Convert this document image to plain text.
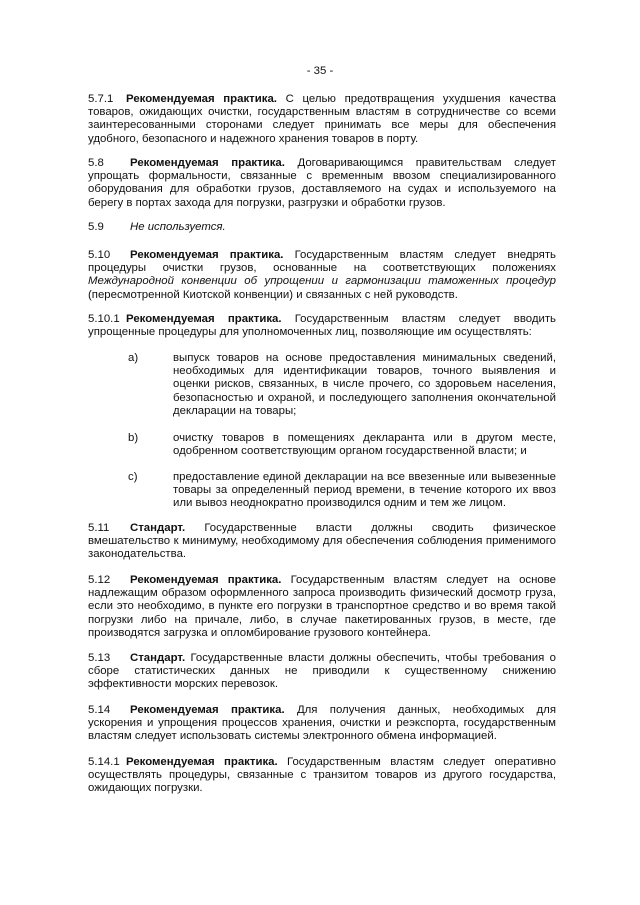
- 35 -
5.7.1 Рекомендуемая практика. С целью предотвращения ухудшения качества товаров, ожидающих очистки, государственным властям в сотрудничестве со всеми заинтересованными сторонами следует принимать все меры для обеспечения удобного, безопасного и надежного хранения товаров в порту.
5.8 Рекомендуемая практика. Договаривающимся правительствам следует упрощать формальности, связанные с временным ввозом специализированного оборудования для обработки грузов, доставляемого на судах и используемого на берегу в портах захода для погрузки, разгрузки и обработки грузов.
5.9 Не используется.
5.10 Рекомендуемая практика. Государственным властям следует внедрять процедуры очистки грузов, основанные на соответствующих положениях Международной конвенции об упрощении и гармонизации таможенных процедур (пересмотренной Киотской конвенции) и связанных с ней руководств.
5.10.1 Рекомендуемая практика. Государственным властям следует вводить упрощенные процедуры для уполномоченных лиц, позволяющие им осуществлять:
a)	выпуск товаров на основе предоставления минимальных сведений, необходимых для идентификации товаров, точного выявления и оценки рисков, связанных, в числе прочего, со здоровьем населения, безопасностью и охраной, и последующего заполнения окончательной декларации на товары;
b)	очистку товаров в помещениях декларанта или в другом месте, одобренном соответствующим органом государственной власти; и
c)	предоставление единой декларации на все ввезенные или вывезенные товары за определенный период времени, в течение которого их ввоз или вывоз неоднократно производился одним и тем же лицом.
5.11 Стандарт. Государственные власти должны сводить физическое вмешательство к минимуму, необходимому для обеспечения соблюдения применимого законодательства.
5.12 Рекомендуемая практика. Государственным властям следует на основе надлежащим образом оформленного запроса производить физический досмотр груза, если это необходимо, в пункте его погрузки в транспортное средство и во время такой погрузки либо на причале, либо, в случае пакетированных грузов, в месте, где производятся загрузка и опломбирование грузового контейнера.
5.13 Стандарт. Государственные власти должны обеспечить, чтобы требования о сборе статистических данных не приводили к существенному снижению эффективности морских перевозок.
5.14 Рекомендуемая практика. Для получения данных, необходимых для ускорения и упрощения процессов хранения, очистки и реэкспорта, государственным властям следует использовать системы электронного обмена информацией.
5.14.1 Рекомендуемая практика. Государственным властям следует оперативно осуществлять процедуры, связанные с транзитом товаров из другого государства, ожидающих погрузки.
